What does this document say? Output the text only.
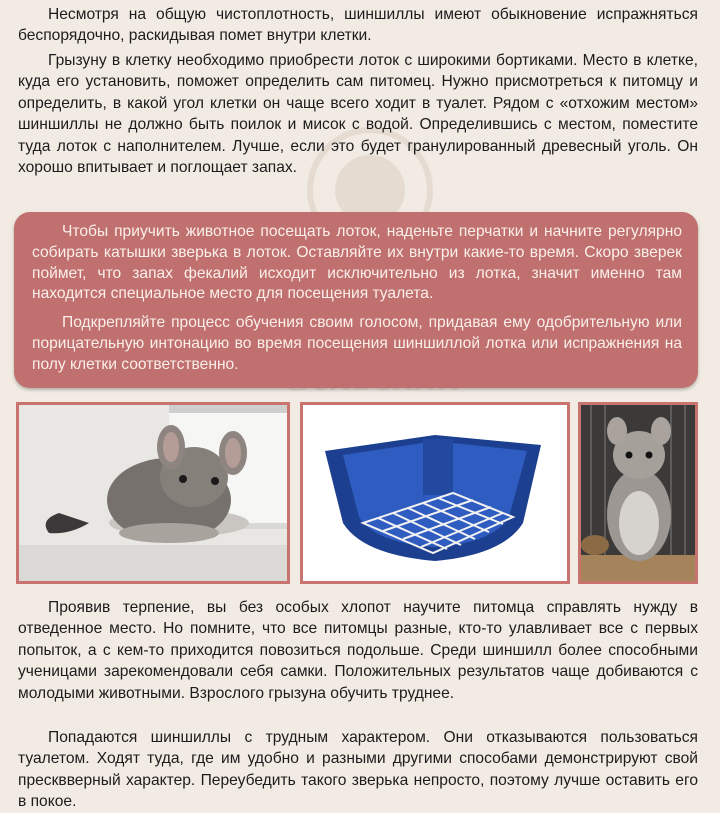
Несмотря на общую чистоплотность, шиншиллы имеют обыкновение испражняться беспорядочно, раскидывая помет внутри клетки.

Грызуну в клетку необходимо приобрести лоток с широкими бортиками. Место в клетке, куда его установить, поможет определить сам питомец. Нужно присмотреться к питомцу и определить, в какой угол клетки он чаще всего ходит в туалет. Рядом с «отхожим местом» шиншиллы не должно быть поилок и мисок с водой. Определившись с местом, поместите туда лоток с наполнителем. Лучше, если это будет гранулированный древесный уголь. Он хорошо впитывает и поглощает запах.

Чтобы приучить животное посещать лоток, наденьте перчатки и начните регулярно собирать катышки зверька в лоток. Оставляйте их внутри какие-то время. Скоро зверек поймет, что запах фекалий исходит исключительно из лотка, значит именно там находится специальное место для посещения туалета.

Подкрепляйте процесс обучения своим голосом, придавая ему одобрительную или порицательную интонацию во время посещения шиншиллой лотка или испражнения на полу клетки соответственно.

Проявив терпение, вы без особых хлопот научите питомца справлять нужду в отведенное место. Но помните, что все питомцы разные, кто-то улавливает все с первых попыток, а с кем-то приходится повозиться подольше. Среди шиншилл более способными ученицами зарекомендовали себя самки. Положительных результатов чаще добиваются с молодыми животными. Взрослого грызуна обучить труднее.

Попадаются шиншиллы с трудным характером. Они отказываются пользоваться туалетом. Ходят туда, где им удобно и разными другими способами демонстрируют свой пресквверный характер. Переубедить такого зверька непросто, поэтому лучше оставить его в покое.
